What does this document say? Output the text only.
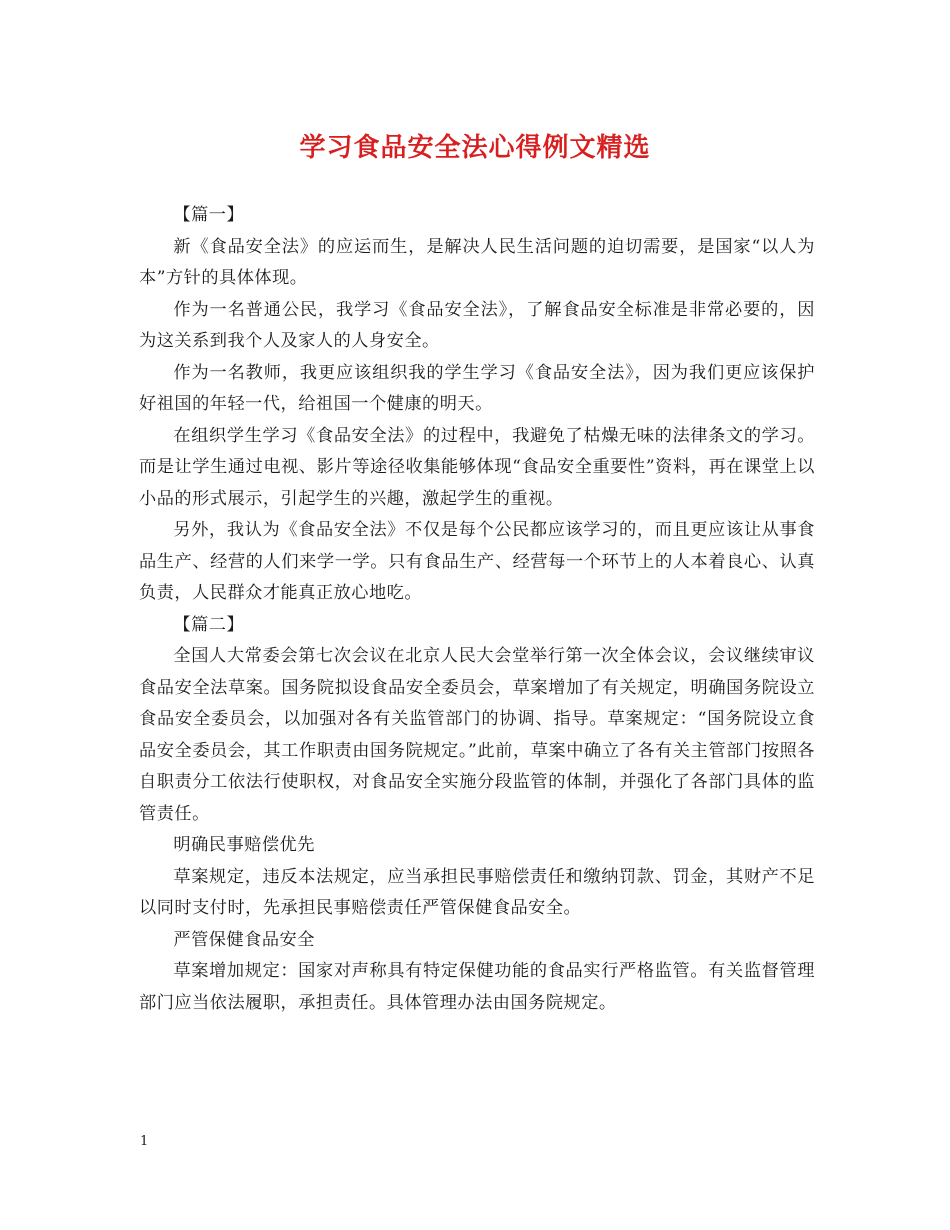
学习食品安全法心得例文精选

【篇一】

新《食品安全法》的应运而生，是解决人民生活问题的迫切需要，是国家“以人为本”方针的具体体现。

作为一名普通公民，我学习《食品安全法》，了解食品安全标准是非常必要的，因为这关系到我个人及家人的人身安全。

作为一名教师，我更应该组织我的学生学习《食品安全法》，因为我们更应该保护好祖国的年轻一代，给祖国一个健康的明天。

在组织学生学习《食品安全法》的过程中，我避免了枯燥无味的法律条文的学习。而是让学生通过电视、影片等途径收集能够体现“食品安全重要性”资料，再在课堂上以小品的形式展示，引起学生的兴趣，激起学生的重视。

另外，我认为《食品安全法》不仅是每个公民都应该学习的，而且更应该让从事食品生产、经营的人们来学一学。只有食品生产、经营每一个环节上的人本着良心、认真负责，人民群众才能真正放心地吃。

【篇二】

全国人大常委会第七次会议在北京人民大会堂举行第一次全体会议，会议继续审议食品安全法草案。国务院拟设食品安全委员会，草案增加了有关规定，明确国务院设立食品安全委员会，以加强对各有关监管部门的协调、指导。草案规定：“国务院设立食品安全委员会，其工作职责由国务院规定。”此前，草案中确立了各有关主管部门按照各自职责分工依法行使职权，对食品安全实施分段监管的体制，并强化了各部门具体的监管责任。

明确民事赔偿优先

草案规定，违反本法规定，应当承担民事赔偿责任和缴纳罚款、罚金，其财产不足以同时支付时，先承担民事赔偿责任严管保健食品安全。

严管保健食品安全

草案增加规定：国家对声称具有特定保健功能的食品实行严格监管。有关监督管理部门应当依法履职，承担责任。具体管理办法由国务院规定。

1
